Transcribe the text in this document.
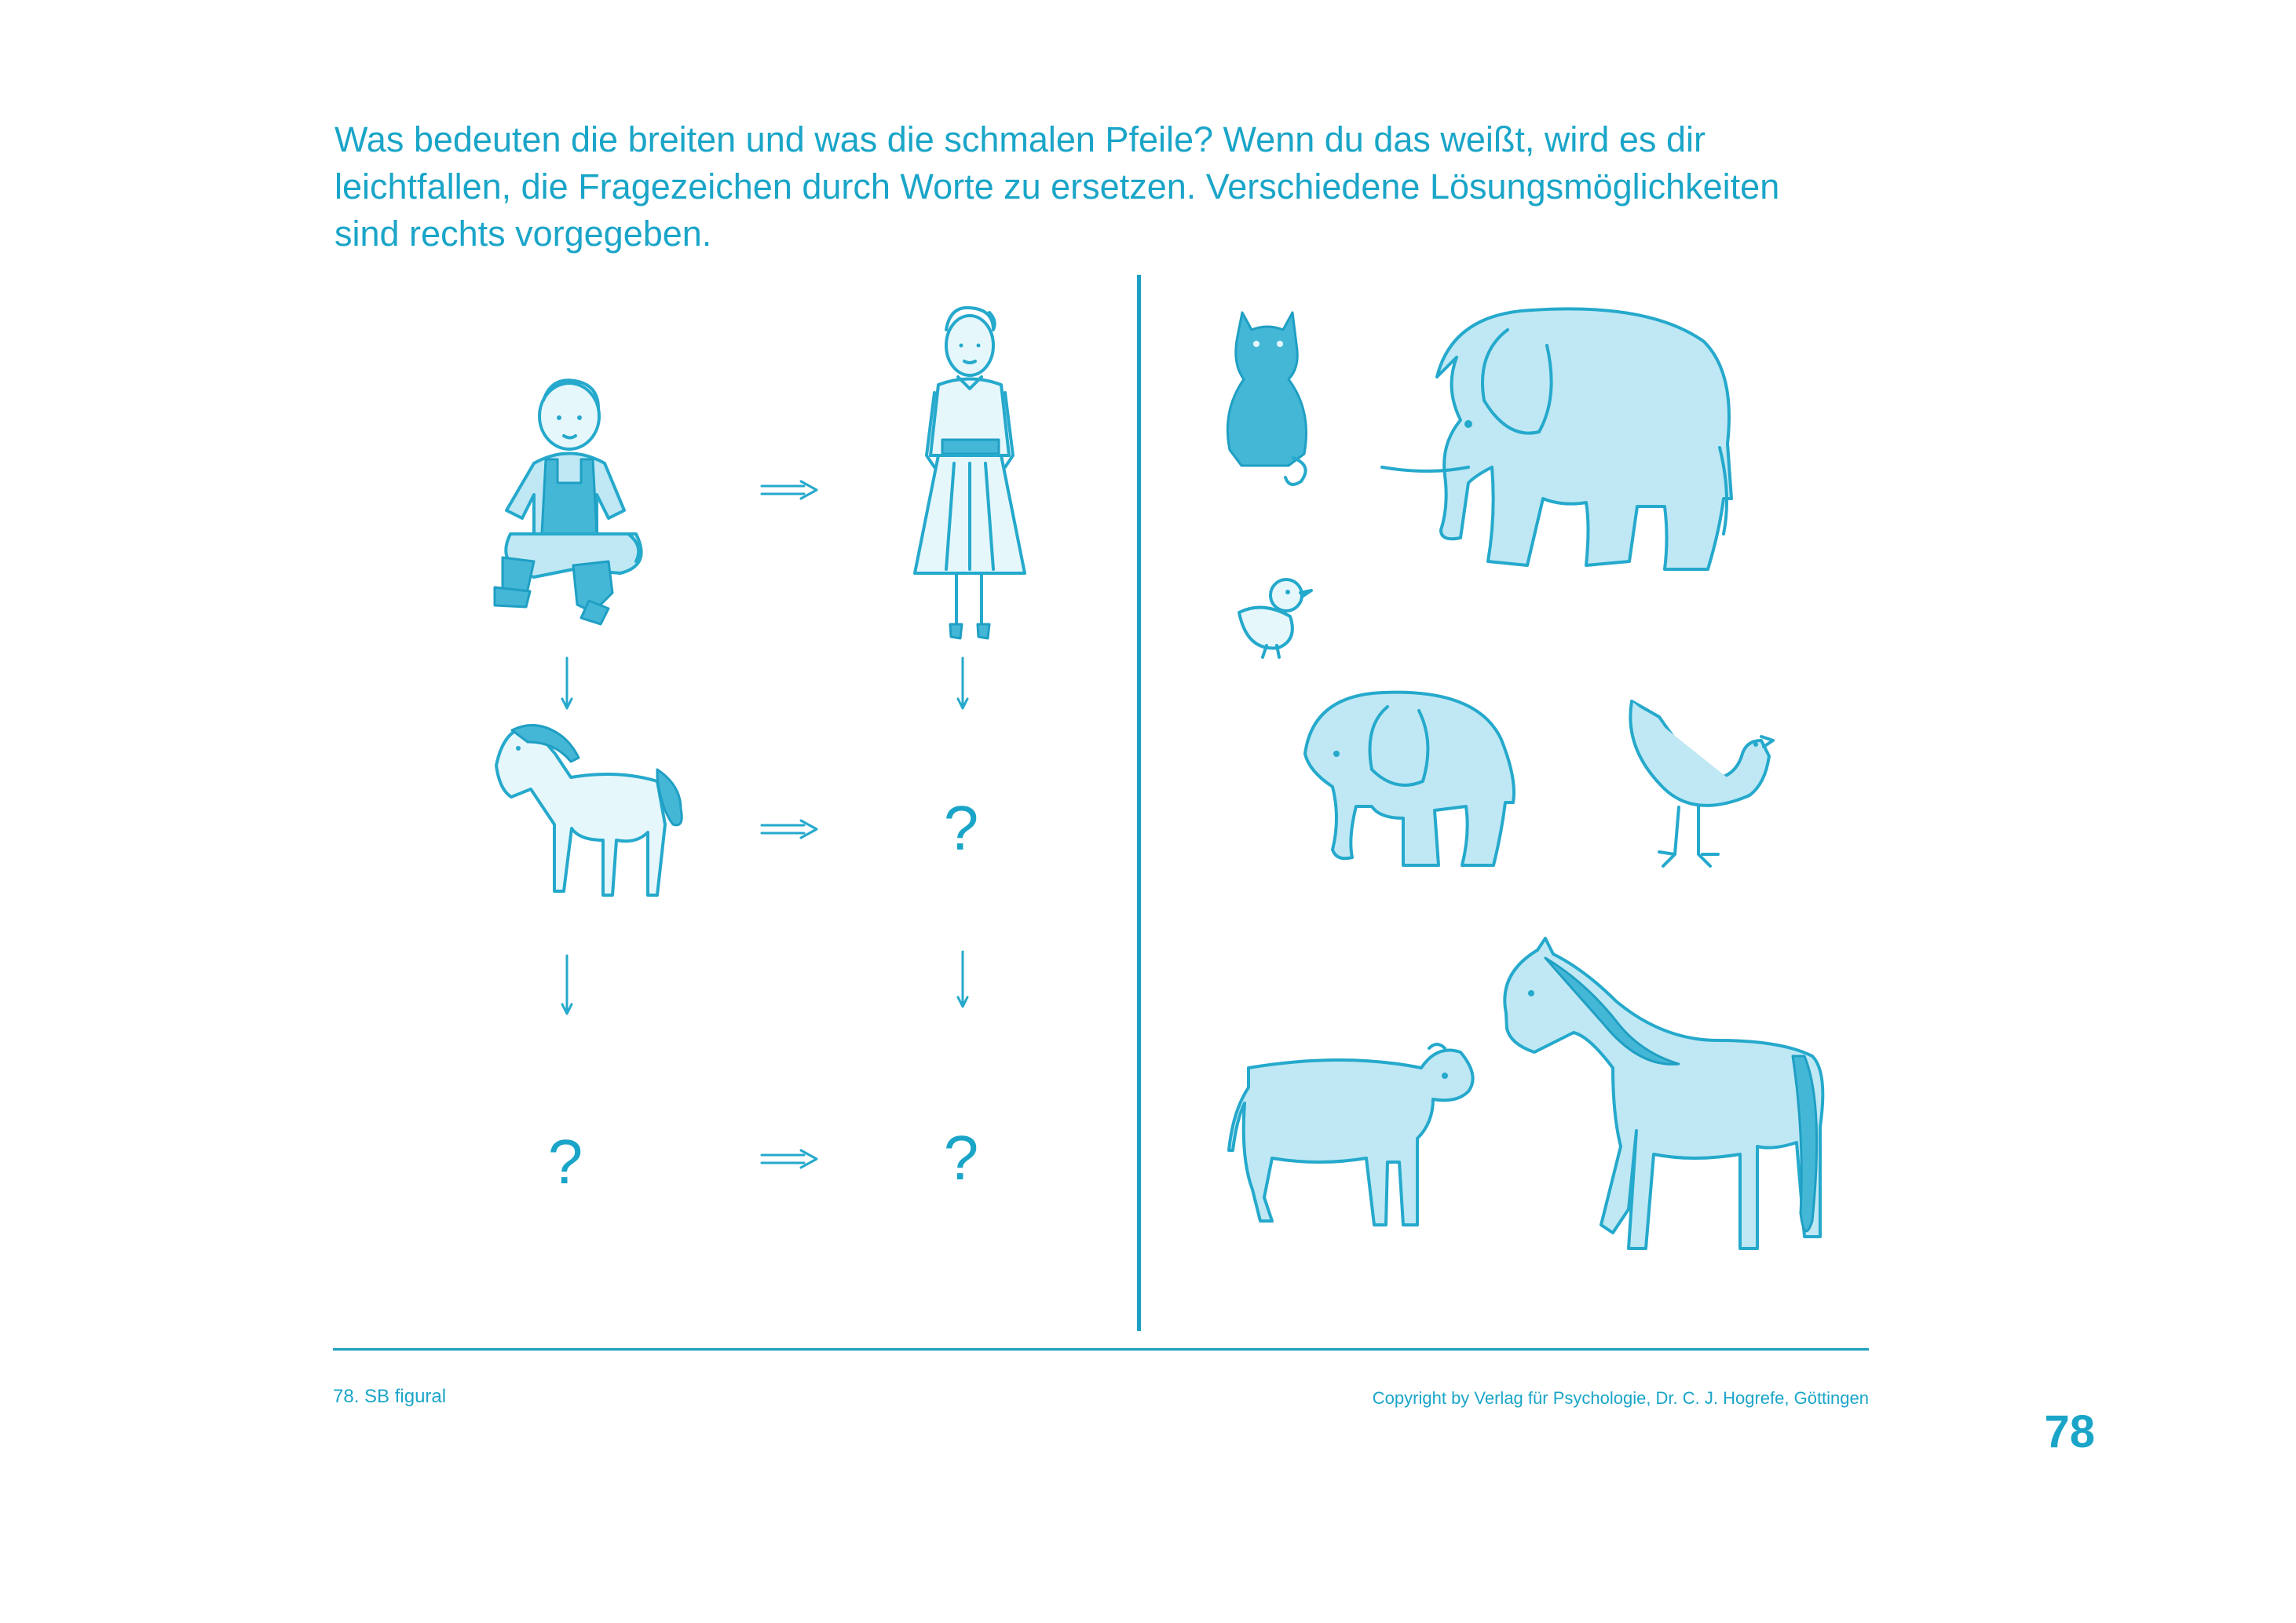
Was bedeuten die breiten und was die schmalen Pfeile? Wenn du das weißt, wird es dir

leichtfallen, die Fragezeichen durch Worte zu ersetzen. Verschiedene Lösungsmöglichkeiten

sind rechts vorgegeben.

?
?	?
78. SB figural	Copyright by Verlag für Psychologie, Dr. C. J. Hogrefe, Göttingen
78
